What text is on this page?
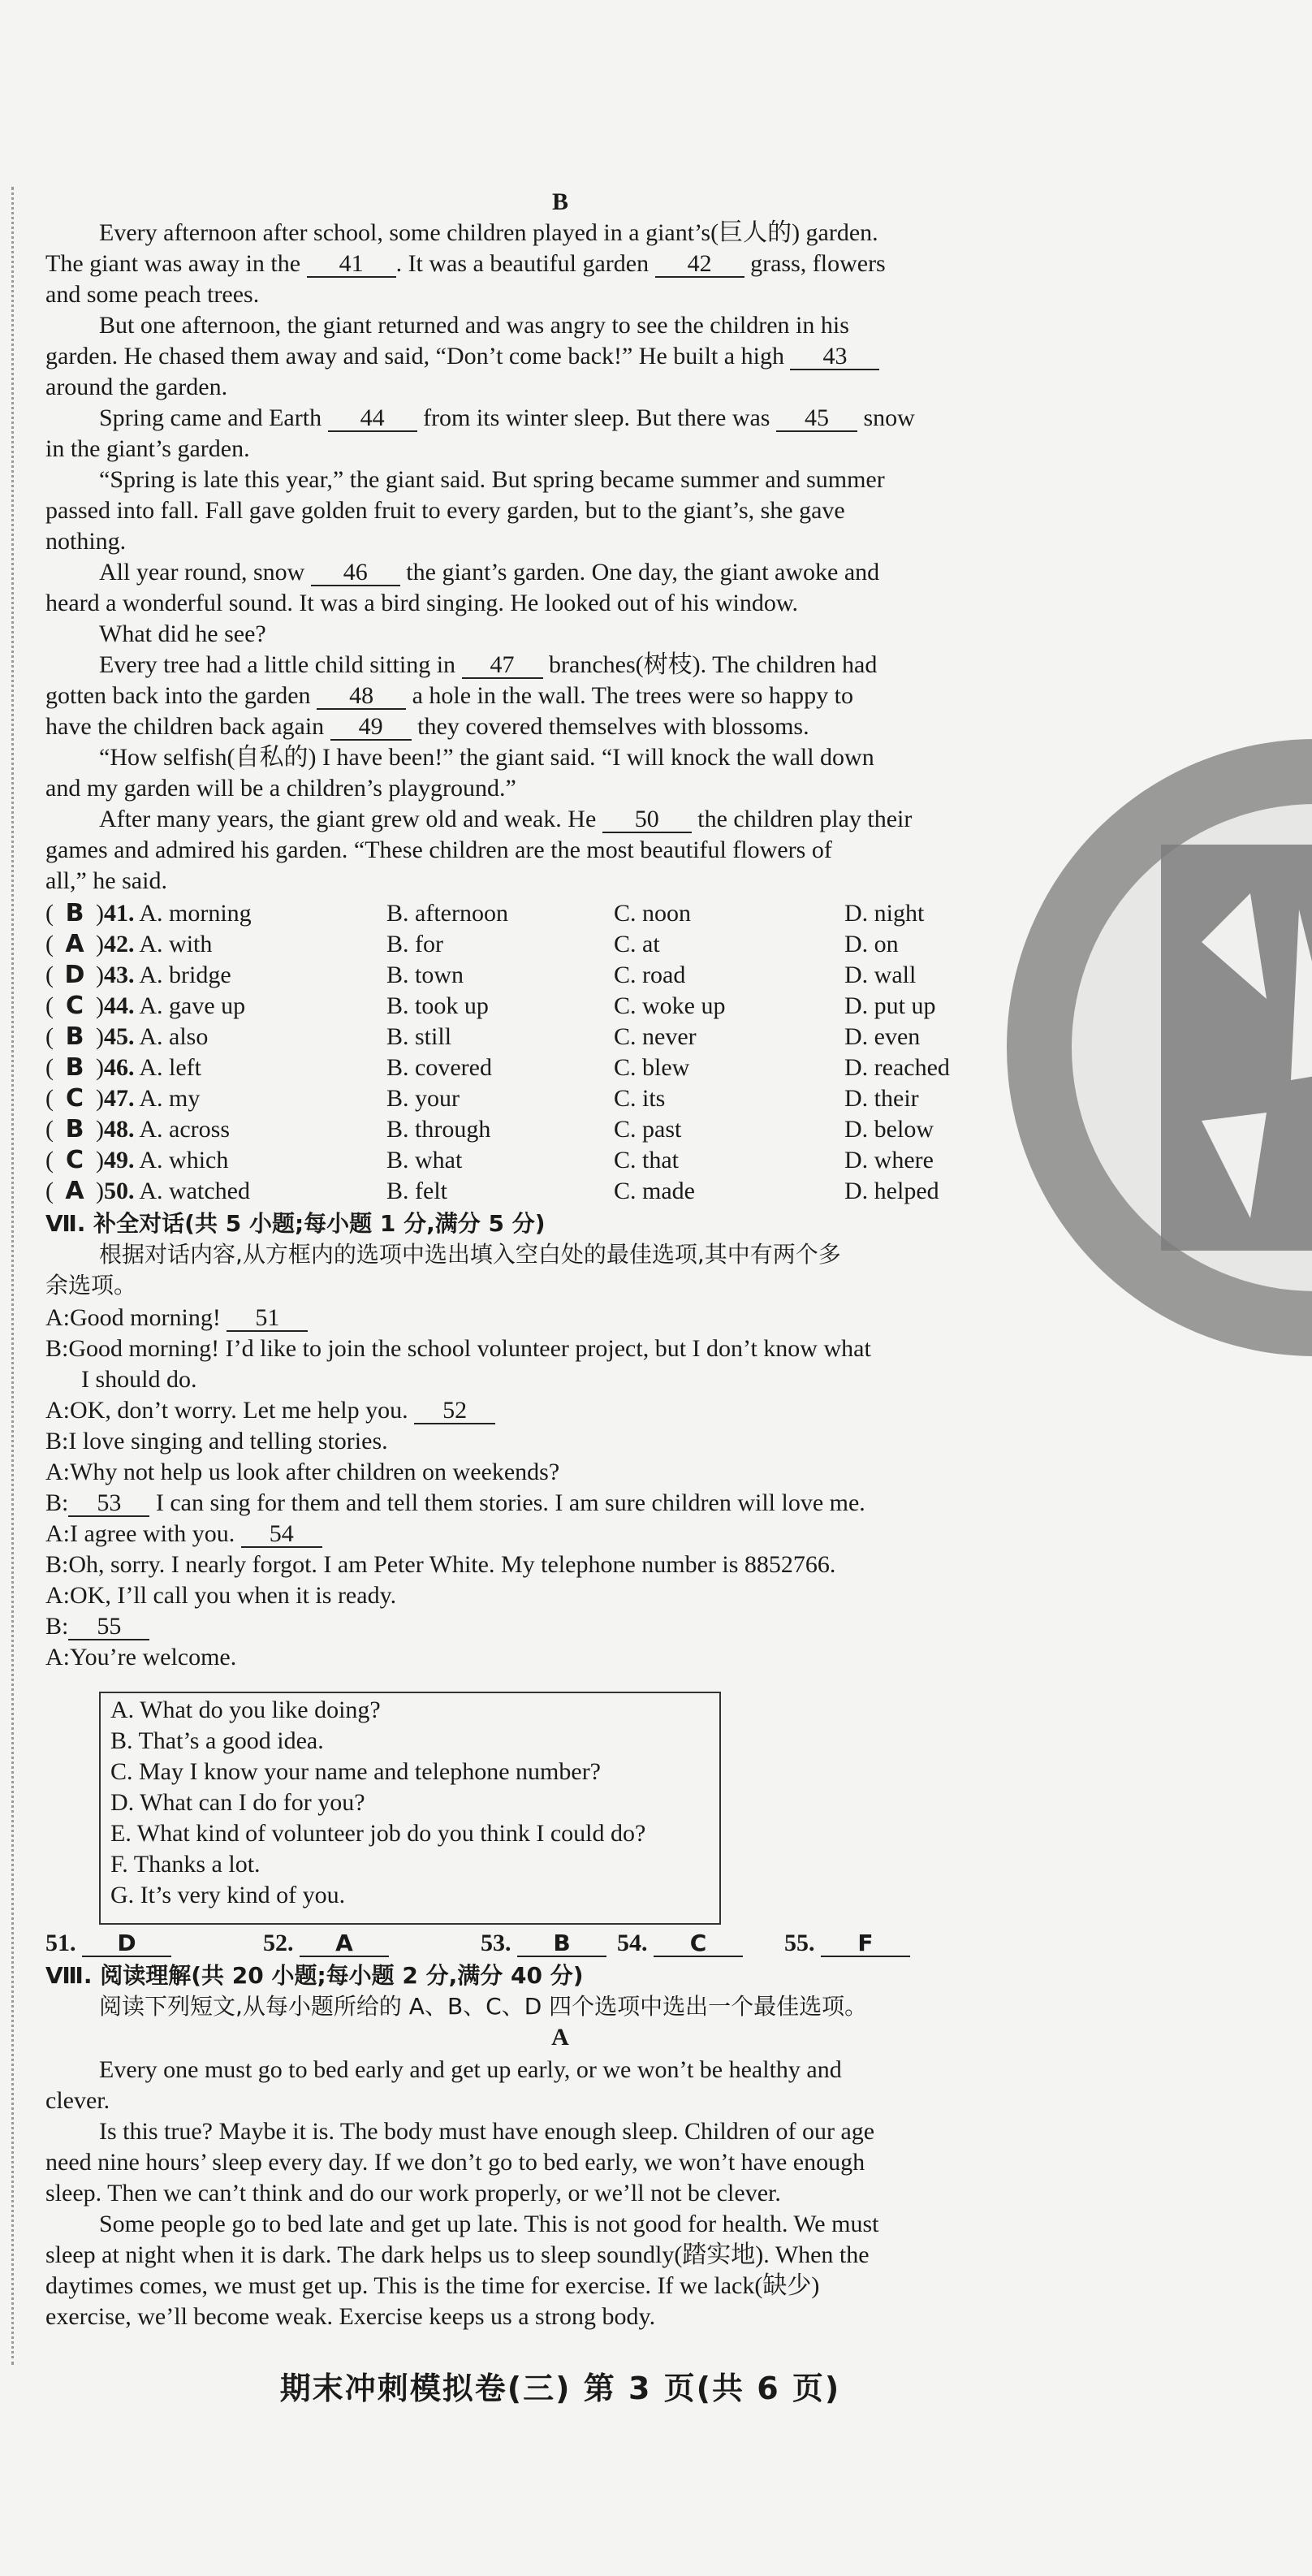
B
Every afternoon after school, some children played in a giant’s(巨人的) garden.
The giant was away in the 41 . It was a beautiful garden 42 grass, flowers
and some peach trees.
But one afternoon, the giant returned and was angry to see the children in his
garden. He chased them away and said, “Don’t come back!” He built a high 43
around the garden.
Spring came and Earth 44 from its winter sleep. But there was 45 snow
in the giant’s garden.
“Spring is late this year,” the giant said. But spring became summer and summer
passed into fall. Fall gave golden fruit to every garden, but to the giant’s, she gave
nothing.
All year round, snow 46 the giant’s garden. One day, the giant awoke and
heard a wonderful sound. It was a bird singing. He looked out of his window.
What did he see?
Every tree had a little child sitting in 47 branches(树枝). The children had
gotten back into the garden 48 a hole in the wall. The trees were so happy to
have the children back again 49 they covered themselves with blossoms.
“How selfish(自私的) I have been!” the giant said. “I will knock the wall down
and my garden will be a children’s playground.”
After many years, the giant grew old and weak. He 50 the children play their
games and admired his garden. “These children are the most beautiful flowers of
all,” he said.
( B )41. A. morning	B. afternoon	C. noon	D. night
( A )42. A. with	B. for	C. at	D. on
( D )43. A. bridge	B. town	C. road	D. wall
( C )44. A. gave up	B. took up	C. woke up	D. put up
( B )45. A. also	B. still	C. never	D. even
( B )46. A. left	B. covered	C. blew	D. reached
( C )47. A. my	B. your	C. its	D. their
( B )48. A. across	B. through	C. past	D. below
( C )49. A. which	B. what	C. that	D. where
( A )50. A. watched	B. felt	C. made	D. helped
Ⅶ. 补全对话(共 5 小题;每小题 1 分,满分 5 分)
根据对话内容,从方框内的选项中选出填入空白处的最佳选项,其中有两个多
余选项。
A:Good morning! 51
B:Good morning! I’d like to join the school volunteer project, but I don’t know what
I should do.
A:OK, don’t worry. Let me help you. 52
B:I love singing and telling stories.
A:Why not help us look after children on weekends?
B: 53 I can sing for them and tell them stories. I am sure children will love me.
A:I agree with you. 54
B:Oh, sorry. I nearly forgot. I am Peter White. My telephone number is 8852766.
A:OK, I’ll call you when it is ready.
B: 55
A:You’re welcome.
A. What do you like doing?
B. That’s a good idea.
C. May I know your name and telephone number?
D. What can I do for you?
E. What kind of volunteer job do you think I could do?
F. Thanks a lot.
G. It’s very kind of you.
51. D	52. A	53. B	54. C	55. F
Ⅷ. 阅读理解(共 20 小题;每小题 2 分,满分 40 分)
阅读下列短文,从每小题所给的 A、B、C、D 四个选项中选出一个最佳选项。
A
Every one must go to bed early and get up early, or we won’t be healthy and
clever.
Is this true? Maybe it is. The body must have enough sleep. Children of our age
need nine hours’ sleep every day. If we don’t go to bed early, we won’t have enough
sleep. Then we can’t think and do our work properly, or we’ll not be clever.
Some people go to bed late and get up late. This is not good for health. We must
sleep at night when it is dark. The dark helps us to sleep soundly(踏实地). When the
daytimes comes, we must get up. This is the time for exercise. If we lack(缺少)
exercise, we’ll become weak. Exercise keeps us a strong body.
期末冲刺模拟卷(三) 第 3 页(共 6 页)
